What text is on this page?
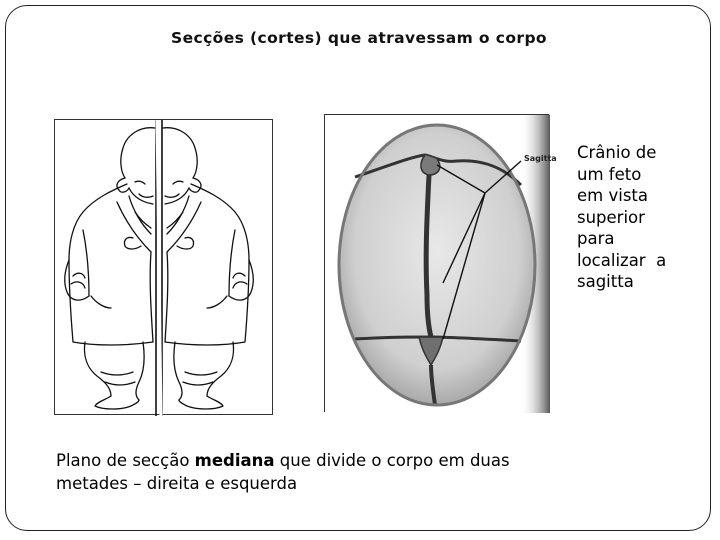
Secções (cortes) que atravessam o corpo
Sagitta Crânio de
um feto
em vista
superior
para
localizar  a
sagitta
Plano de secção mediana que divide o corpo em duas
metades – direita e esquerda
